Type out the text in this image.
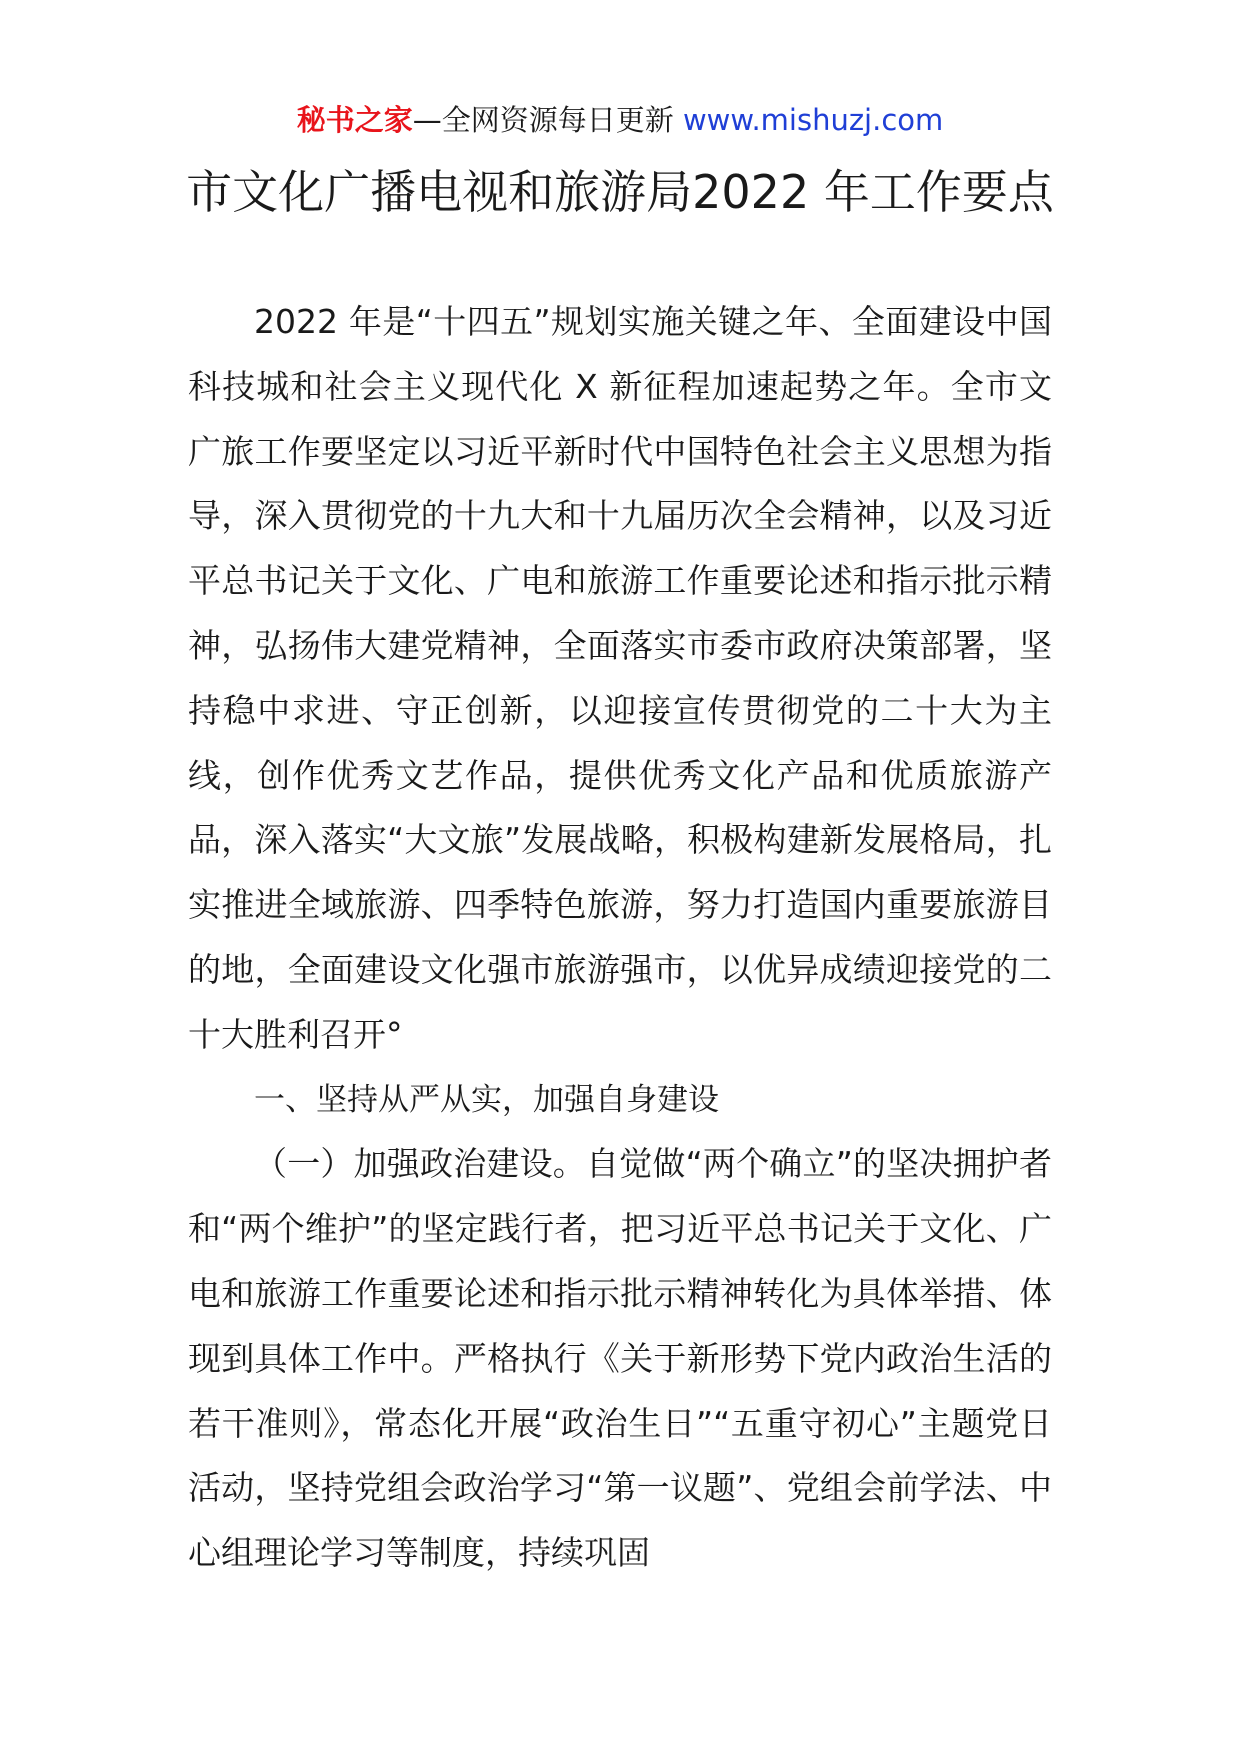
秘书之家—全网资源每日更新 www.mishuzj.com
市文化广播电视和旅游局2022 年工作要点

2022 年是“十四五”规划实施关键之年、全面建设中国科技城和社会主义现代化 X 新征程加速起势之年。全市文广旅工作要坚定以习近平新时代中国特色社会主义思想为指导，深入贯彻党的十九大和十九届历次全会精神，以及习近平总书记关于文化、广电和旅游工作重要论述和指示批示精神，弘扬伟大建党精神，全面落实市委市政府决策部署，坚持稳中求进、守正创新，以迎接宣传贯彻党的二十大为主线，创作优秀文艺作品，提供优秀文化产品和优质旅游产品，深入落实“大文旅”发展战略，积极构建新发展格局，扎实推进全域旅游、四季特色旅游，努力打造国内重要旅游目的地，全面建设文化强市旅游强市，以优异成绩迎接党的二十大胜利召开°

一、坚持从严从实，加强自身建设

（一）加强政治建设。自觉做“两个确立”的坚决拥护者和“两个维护”的坚定践行者，把习近平总书记关于文化、广电和旅游工作重要论述和指示批示精神转化为具体举措、体现到具体工作中。严格执行《关于新形势下党内政治生活的若干准则》，常态化开展“政治生日”“五重守初心”主题党日活动，坚持党组会政治学习“第一议题”、党组会前学法、中心组理论学习等制度，持续巩固
